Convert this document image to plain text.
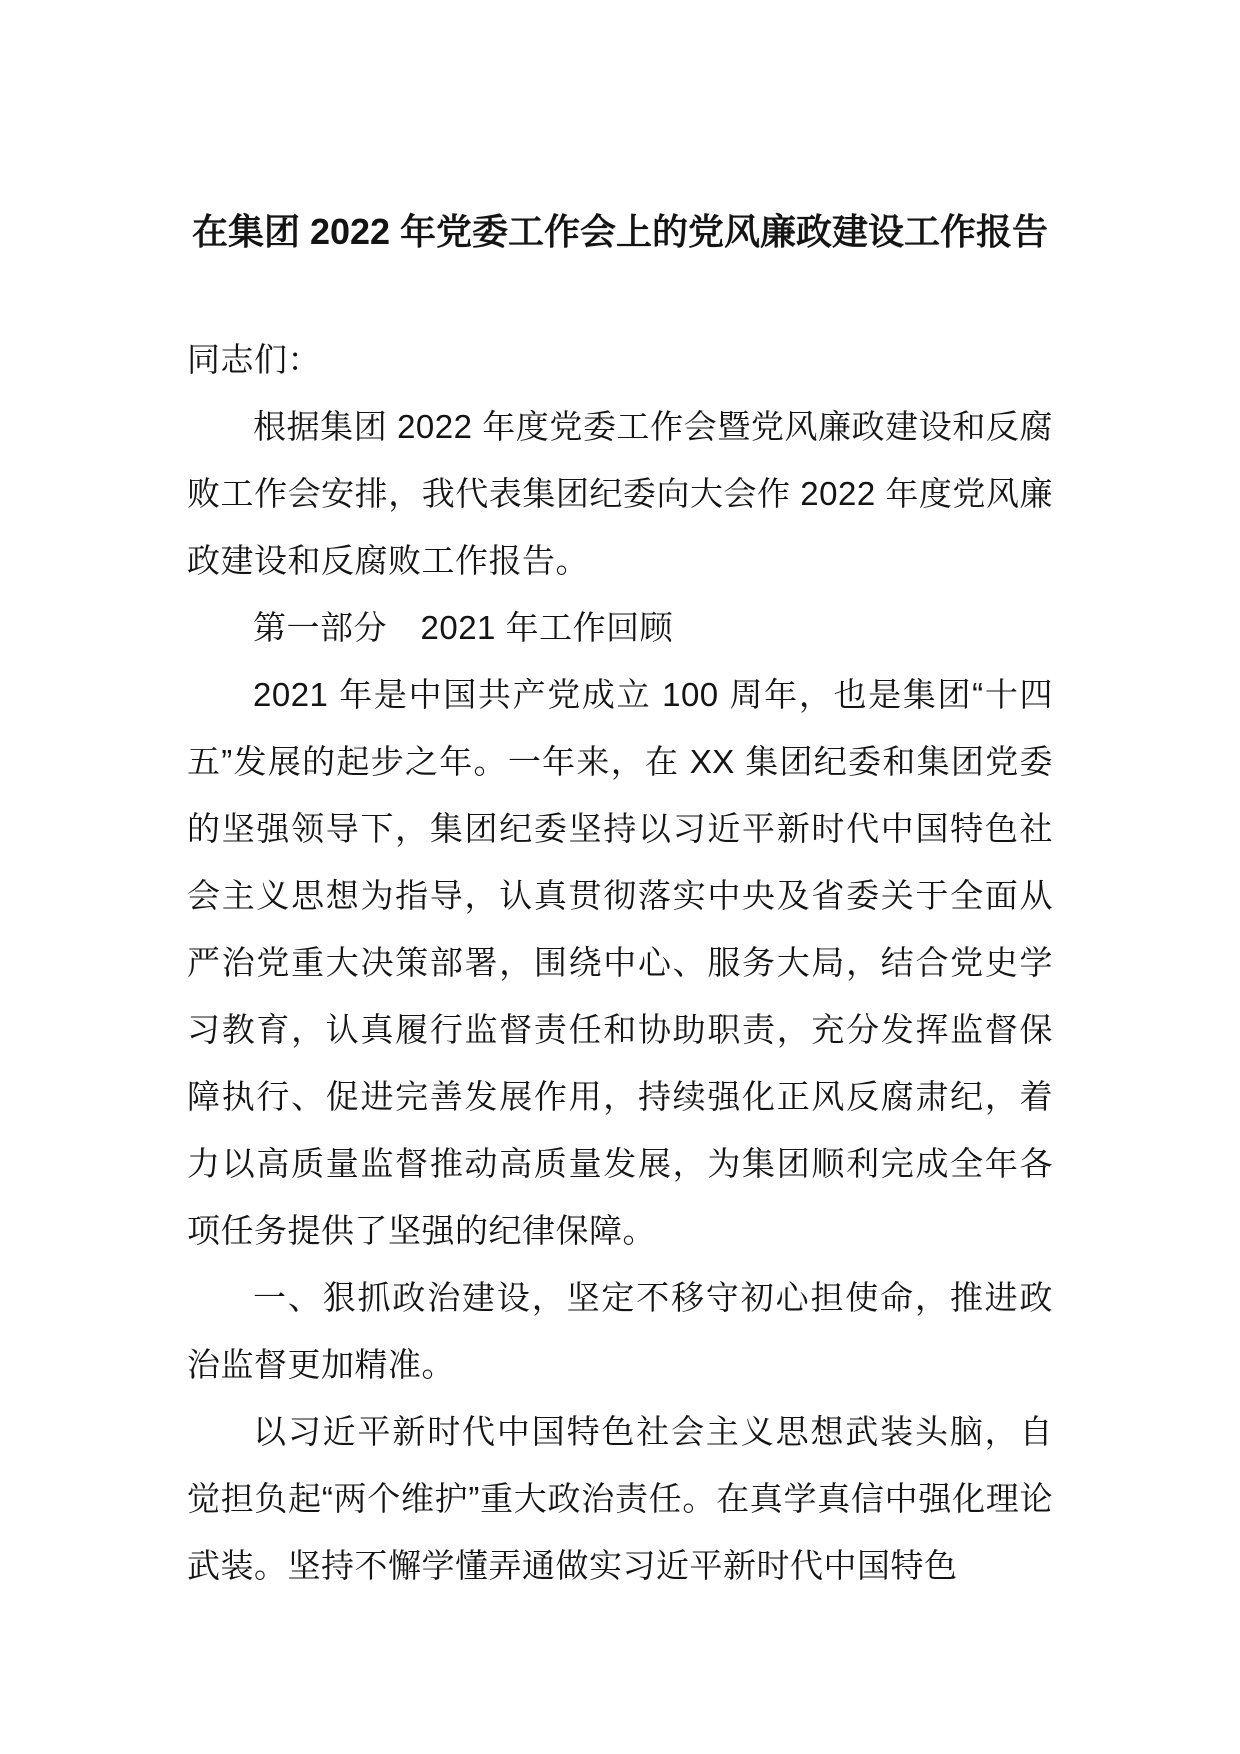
在集团 2022 年党委工作会上的党风廉政建设工作报告

同志们：

根据集团 2022 年度党委工作会暨党风廉政建设和反腐败工作会安排，我代表集团纪委向大会作 2022 年度党风廉政建设和反腐败工作报告。

第一部分　2021 年工作回顾

2021 年是中国共产党成立 100 周年，也是集团“十四五”发展的起步之年。一年来，在 XX 集团纪委和集团党委的坚强领导下，集团纪委坚持以习近平新时代中国特色社会主义思想为指导，认真贯彻落实中央及省委关于全面从严治党重大决策部署，围绕中心、服务大局，结合党史学习教育，认真履行监督责任和协助职责，充分发挥监督保障执行、促进完善发展作用，持续强化正风反腐肃纪，着力以高质量监督推动高质量发展，为集团顺利完成全年各项任务提供了坚强的纪律保障。

一、狠抓政治建设，坚定不移守初心担使命，推进政治监督更加精准。

以习近平新时代中国特色社会主义思想武装头脑，自觉担负起“两个维护”重大政治责任。在真学真信中强化理论武装。坚持不懈学懂弄通做实习近平新时代中国特色
